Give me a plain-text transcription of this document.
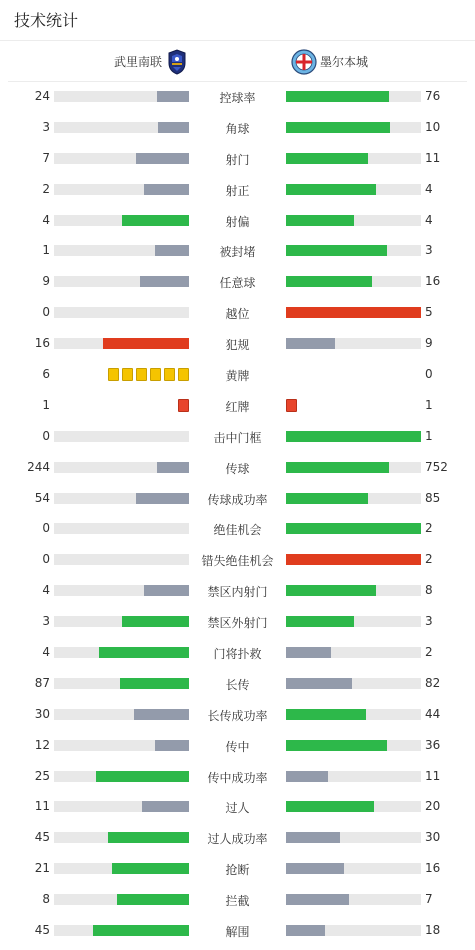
技术统计
武里南联	墨尔本城
24	控球率	76
3	角球	10
7	射门	11
2	射正	4
4	射偏	4
1	被封堵	3
9	任意球	16
0	越位	5
16	犯规	9
6	黄牌	0
1	红牌	1
0	击中门框	1
244	传球	752
54	传球成功率	85
0	绝佳机会	2
0	错失绝佳机会	2
4	禁区内射门	8
3	禁区外射门	3
4	门将扑救	2
87	长传	82
30	长传成功率	44
12	传中	36
25	传中成功率	11
11	过人	20
45	过人成功率	30
21	抢断	16
8	拦截	7
45	解围	18
